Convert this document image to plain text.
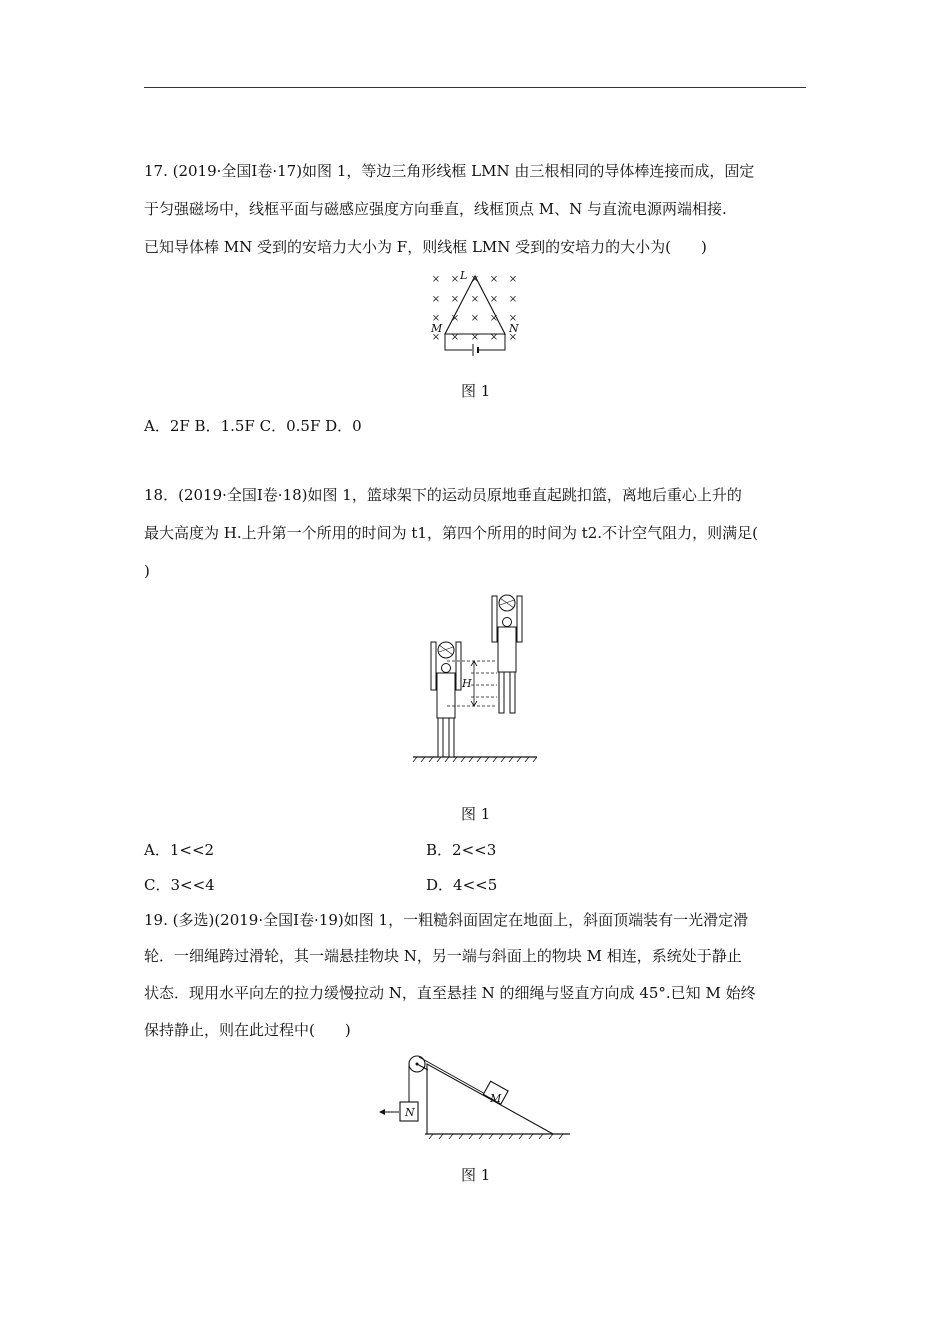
17. (2019·全国Ⅰ卷·17)如图 1，等边三角形线框 LMN 由三根相同的导体棒连接而成，固定
于匀强磁场中，线框平面与磁感应强度方向垂直，线框顶点 M、N 与直流电源两端相接.
已知导体棒 MN 受到的安培力大小为 F，则线框 LMN 受到的安培力的大小为(　　)
× × × × ×
× × × × ×
× × × × ×
× × × × ×
L
M	N
图 1
A．2F B．1.5F C．0.5F D．0
18．(2019·全国Ⅰ卷·18)如图 1，篮球架下的运动员原地垂直起跳扣篮，离地后重心上升的
最大高度为 H.上升第一个所用的时间为 t1，第四个所用的时间为 t2.不计空气阻力，则满足(
)
H
图 1
A．1<<2	B．2<<3
C．3<<4	D．4<<5
19. (多选)(2019·全国Ⅰ卷·19)如图 1，一粗糙斜面固定在地面上，斜面顶端装有一光滑定滑
轮．一细绳跨过滑轮，其一端悬挂物块 N，另一端与斜面上的物块 M 相连，系统处于静止
状态．现用水平向左的拉力缓慢拉动 N，直至悬挂 N 的细绳与竖直方向成 45°.已知 M 始终
保持静止，则在此过程中(　　)
M
N
图 1
